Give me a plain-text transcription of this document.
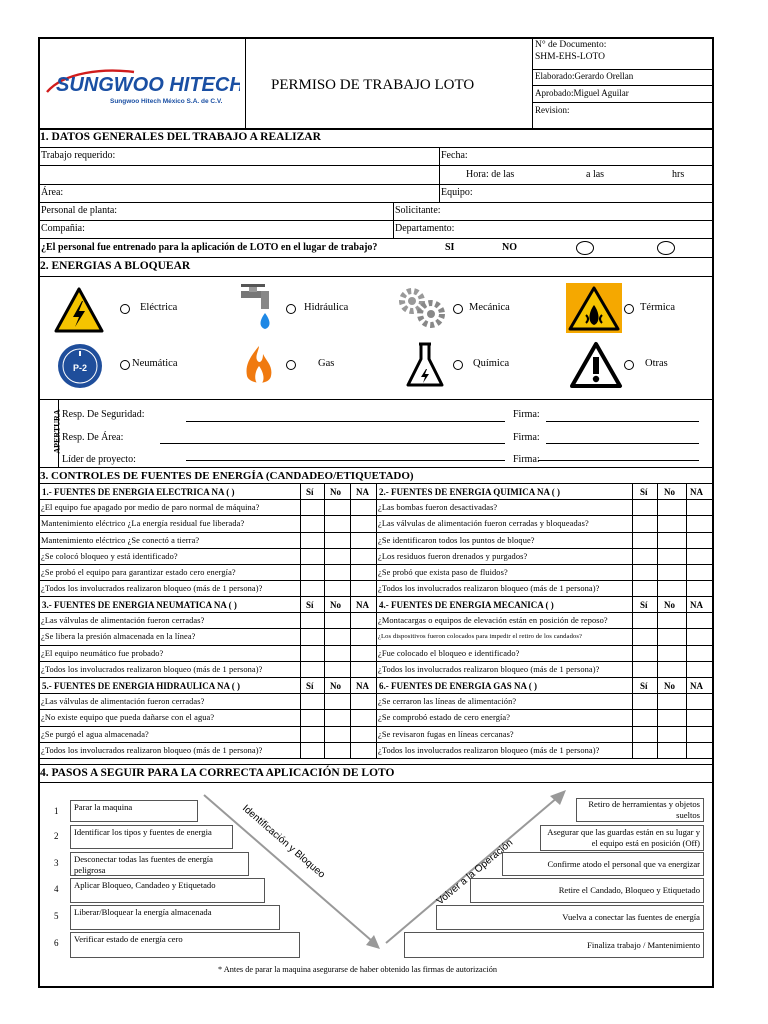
SUNGWOO HITECH
Sungwoo Hitech México S.A. de C.V.
PERMISO DE TRABAJO LOTO
N° de Documento:
SHM-EHS-LOTO
Elaborado:Gerardo Orellan
Aprobado:Miguel Aguilar
Revision:
1. DATOS GENERALES DEL TRABAJO A REALIZAR
Trabajo requerido:	Fecha:
Hora: de las	a las	hrs
Área:	Equipo:
Personal de planta:	Solicitante:
Compañia:	Departamento:
¿El personal fue entrenado para la aplicación de LOTO en el lugar de trabajo?	SI	NO
2. ENERGIAS A BLOQUEAR
Eléctrica	Hidráulica	Mecánica	Térmica
P-2	Neumática	Gas	Química	Otras
APERTURA Resp. De Seguridad:	Firma:
Resp. De Área:	Firma:
Líder de proyecto:	Firma:
3. CONTROLES DE FUENTES DE ENERGÍA (CANDADEO/ETIQUETADO)
1.- FUENTES DE ENERGIA ELECTRICA NA ( )	2.- FUENTES DE ENERGIA QUIMICA NA ( )
Sí No NA	Sí No NA
¿El equipo fue apagado por medio de paro normal de máquina?	¿Las bombas fueron desactivadas?
Mantenimiento eléctrico ¿La energía residual fue liberada?	¿Las válvulas de alimentación fueron cerradas y bloqueadas?
Mantenimiento eléctrico ¿Se conectó a tierra?	¿Se identificaron todos los puntos de bloque?
¿Se colocó bloqueo y está identificado?	¿Los residuos fueron drenados y purgados?
¿Se probó el equipo para garantizar estado cero energía?	¿Se probó que exista paso de fluidos?
¿Todos los involucrados realizaron bloqueo (más de 1 persona)?	¿Todos los involucrados realizaron bloqueo (más de 1 persona)?
3.- FUENTES DE ENERGIA NEUMATICA NA ( )	4.- FUENTES DE ENERGIA MECANICA ( )
Sí No NA	Sí No NA
¿Las válvulas de alimentación fueron cerradas?	¿Montacargas o equipos de elevación están en posición de reposo?
¿Se libera la presión almacenada en la línea?	¿Los dispositivos fueron colocados para impedir el retiro de los candados?
¿El equipo neumático fue probado?	¿Fue colocado el bloqueo e identificado?
¿Todos los involucrados realizaron bloqueo (más de 1 persona)?	¿Todos los involucrados realizaron bloqueo (más de 1 persona)?
5.- FUENTES DE ENERGIA HIDRAULICA NA ( )	6.- FUENTES DE ENERGIA GAS NA ( )
Sí No NA	Sí No NA
¿Las válvulas de alimentación fueron cerradas?	¿Se cerraron las líneas de alimentación?
¿No existe equipo que pueda dañarse con el agua?	¿Se comprobó estado de cero energía?
¿Se purgó el agua almacenada?	¿Se revisaron fugas en líneas cercanas?
¿Todos los involucrados realizaron bloqueo (más de 1 persona)?	¿Todos los involucrados realizaron bloqueo (más de 1 persona)?
4. PASOS A SEGUIR PARA LA CORRECTA APLICACIÓN DE LOTO
Identificación y Bloqueo	Volver a la Operación
1	Parar la maquina
2	Identificar los tipos y fuentes de energia
3	Desconectar todas las fuentes de energía peligrosa
4	Aplicar Bloqueo, Candadeo y Etiquetado
5	Liberar/Bloquear la energía almacenada
6	Verificar estado de energía cero
Retiro de herramientas y objetos sueltos
Asegurar que las guardas están en su lugar y el equipo está en posición (Off)
Confirme atodo el personal que va energizar
Retire el Candado, Bloqueo y Etiquetado
Vuelva a conectar las fuentes de energía
Finaliza trabajo / Mantenimiento
* Antes de parar la maquina asegurarse de haber obtenido las firmas de autorización
